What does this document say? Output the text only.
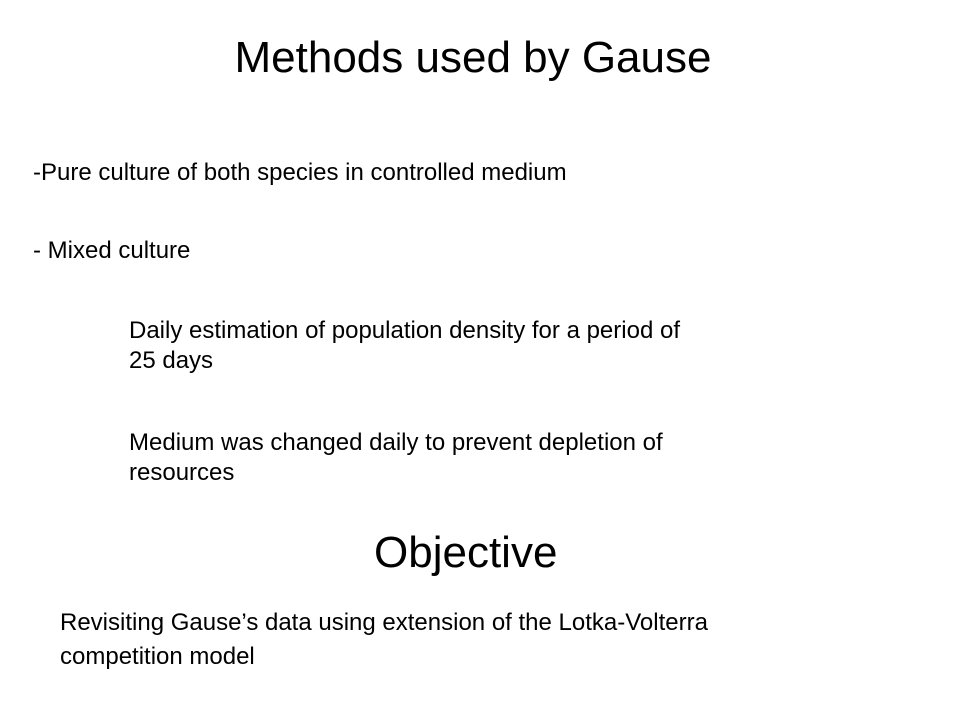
Methods used by Gause
-Pure culture of both species in controlled medium
- Mixed culture
Daily estimation of population density for a period of
25 days
Medium was changed daily to prevent depletion of
resources
Objective
Revisiting Gause’s data using extension of the Lotka-Volterra
competition model
